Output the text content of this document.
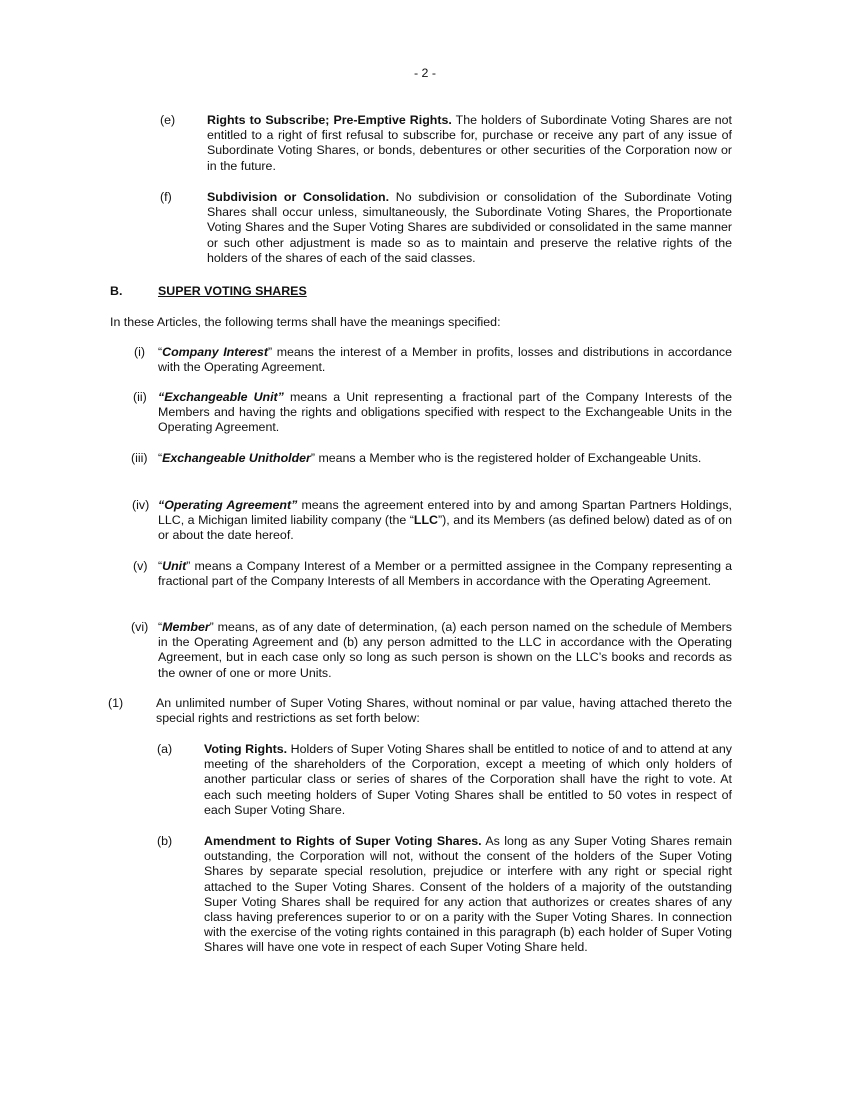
- 2 -
(e)	Rights to Subscribe; Pre-Emptive Rights. The holders of Subordinate Voting Shares are not entitled to a right of first refusal to subscribe for, purchase or receive any part of any issue of Subordinate Voting Shares, or bonds, debentures or other securities of the Corporation now or in the future.
(f)	Subdivision or Consolidation. No subdivision or consolidation of the Subordinate Voting Shares shall occur unless, simultaneously, the Subordinate Voting Shares, the Proportionate Voting Shares and the Super Voting Shares are subdivided or consolidated in the same manner or such other adjustment is made so as to maintain and preserve the relative rights of the holders of the shares of each of the said classes.
B.	SUPER VOTING SHARES
In these Articles, the following terms shall have the meanings specified:
(i) “Company Interest” means the interest of a Member in profits, losses and distributions in accordance with the Operating Agreement.
(ii) “Exchangeable Unit” means a Unit representing a fractional part of the Company Interests of the Members and having the rights and obligations specified with respect to the Exchangeable Units in the Operating Agreement.
(iii) “Exchangeable Unitholder” means a Member who is the registered holder of Exchangeable Units.
(iv) “Operating Agreement” means the agreement entered into by and among Spartan Partners Holdings, LLC, a Michigan limited liability company (the “LLC”), and its Members (as defined below) dated as of on or about the date hereof.
(v) “Unit” means a Company Interest of a Member or a permitted assignee in the Company representing a fractional part of the Company Interests of all Members in accordance with the Operating Agreement.
(vi) “Member” means, as of any date of determination, (a) each person named on the schedule of Members in the Operating Agreement and (b) any person admitted to the LLC in accordance with the Operating Agreement, but in each case only so long as such person is shown on the LLC’s books and records as the owner of one or more Units.
(1)	An unlimited number of Super Voting Shares, without nominal or par value, having attached thereto the special rights and restrictions as set forth below:
(a)	Voting Rights. Holders of Super Voting Shares shall be entitled to notice of and to attend at any meeting of the shareholders of the Corporation, except a meeting of which only holders of another particular class or series of shares of the Corporation shall have the right to vote. At each such meeting holders of Super Voting Shares shall be entitled to 50 votes in respect of each Super Voting Share.
(b)	Amendment to Rights of Super Voting Shares. As long as any Super Voting Shares remain outstanding, the Corporation will not, without the consent of the holders of the Super Voting Shares by separate special resolution, prejudice or interfere with any right or special right attached to the Super Voting Shares. Consent of the holders of a majority of the outstanding Super Voting Shares shall be required for any action that authorizes or creates shares of any class having preferences superior to or on a parity with the Super Voting Shares. In connection with the exercise of the voting rights contained in this paragraph (b) each holder of Super Voting Shares will have one vote in respect of each Super Voting Share held.
